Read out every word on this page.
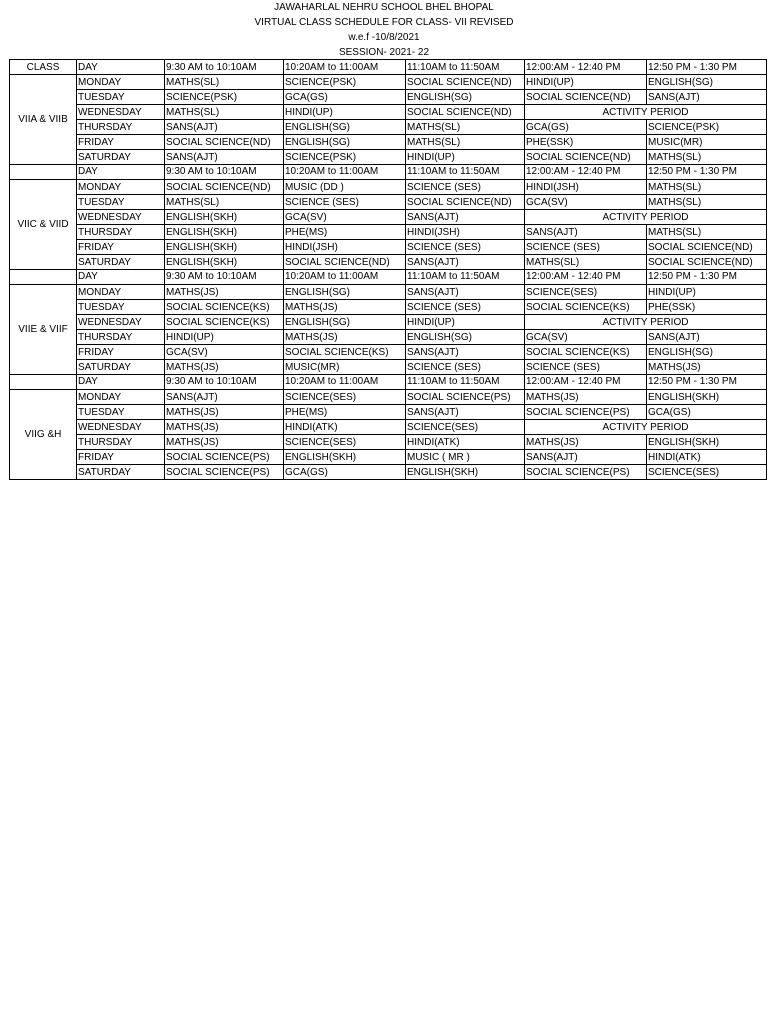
JAWAHARLAL NEHRU SCHOOL BHEL BHOPAL
VIRTUAL CLASS SCHEDULE FOR CLASS- VII REVISED
w.e.f -10/8/2021
SESSION- 2021- 22
CLASS	DAY	9:30 AM to 10:10AM	10:20AM to 11:00AM	11:10AM to 11:50AM	12:00:AM - 12:40 PM	12:50 PM - 1:30 PM
VIIA & VIIB	MONDAY	MATHS(SL)	SCIENCE(PSK)	SOCIAL SCIENCE(ND)	HINDI(UP)	ENGLISH(SG)
	TUESDAY	SCIENCE(PSK)	GCA(GS)	ENGLISH(SG)	SOCIAL SCIENCE(ND)	SANS(AJT)
	WEDNESDAY	MATHS(SL)	HINDI(UP)	SOCIAL SCIENCE(ND)	ACTIVITY PERIOD	
	THURSDAY	SANS(AJT)	ENGLISH(SG)	MATHS(SL)	GCA(GS)	SCIENCE(PSK)
	FRIDAY	SOCIAL SCIENCE(ND)	ENGLISH(SG)	MATHS(SL)	PHE(SSK)	MUSIC(MR)
	SATURDAY	SANS(AJT)	SCIENCE(PSK)	HINDI(UP)	SOCIAL SCIENCE(ND)	MATHS(SL)
	DAY	9:30 AM to 10:10AM	10:20AM to 11:00AM	11:10AM to 11:50AM	12:00:AM - 12:40 PM	12:50 PM - 1:30 PM
VIIC & VIID	MONDAY	SOCIAL SCIENCE(ND)	MUSIC (DD )	SCIENCE (SES)	HINDI(JSH)	MATHS(SL)
	TUESDAY	MATHS(SL)	SCIENCE (SES)	SOCIAL SCIENCE(ND)	GCA(SV)	MATHS(SL)
	WEDNESDAY	ENGLISH(SKH)	GCA(SV)	SANS(AJT)	ACTIVITY PERIOD	
	THURSDAY	ENGLISH(SKH)	PHE(MS)	HINDI(JSH)	SANS(AJT)	MATHS(SL)
	FRIDAY	ENGLISH(SKH)	HINDI(JSH)	SCIENCE (SES)	SCIENCE (SES)	SOCIAL SCIENCE(ND)
	SATURDAY	ENGLISH(SKH)	SOCIAL SCIENCE(ND)	SANS(AJT)	MATHS(SL)	SOCIAL SCIENCE(ND)
	DAY	9:30 AM to 10:10AM	10:20AM to 11:00AM	11:10AM to 11:50AM	12:00:AM - 12:40 PM	12:50 PM - 1:30 PM
VIIE & VIIF	MONDAY	MATHS(JS)	ENGLISH(SG)	SANS(AJT)	SCIENCE(SES)	HINDI(UP)
	TUESDAY	SOCIAL SCIENCE(KS)	MATHS(JS)	SCIENCE (SES)	SOCIAL SCIENCE(KS)	PHE(SSK)
	WEDNESDAY	SOCIAL SCIENCE(KS)	ENGLISH(SG)	HINDI(UP)	ACTIVITY PERIOD	
	THURSDAY	HINDI(UP)	MATHS(JS)	ENGLISH(SG)	GCA(SV)	SANS(AJT)
	FRIDAY	GCA(SV)	SOCIAL SCIENCE(KS)	SANS(AJT)	SOCIAL SCIENCE(KS)	ENGLISH(SG)
	SATURDAY	MATHS(JS)	MUSIC(MR)	SCIENCE (SES)	SCIENCE (SES)	MATHS(JS)
	DAY	9:30 AM to 10:10AM	10:20AM to 11:00AM	11:10AM to 11:50AM	12:00:AM - 12:40 PM	12:50 PM - 1:30 PM
VIIG &H	MONDAY	SANS(AJT)	SCIENCE(SES)	SOCIAL SCIENCE(PS)	MATHS(JS)	ENGLISH(SKH)
	TUESDAY	MATHS(JS)	PHE(MS)	SANS(AJT)	SOCIAL SCIENCE(PS)	GCA(GS)
	WEDNESDAY	MATHS(JS)	HINDI(ATK)	SCIENCE(SES)	ACTIVITY PERIOD	
	THURSDAY	MATHS(JS)	SCIENCE(SES)	HINDI(ATK)	MATHS(JS)	ENGLISH(SKH)
	FRIDAY	SOCIAL SCIENCE(PS)	ENGLISH(SKH)	MUSIC ( MR )	SANS(AJT)	HINDI(ATK)
	SATURDAY	SOCIAL SCIENCE(PS)	GCA(GS)	ENGLISH(SKH)	SOCIAL SCIENCE(PS)	SCIENCE(SES)
